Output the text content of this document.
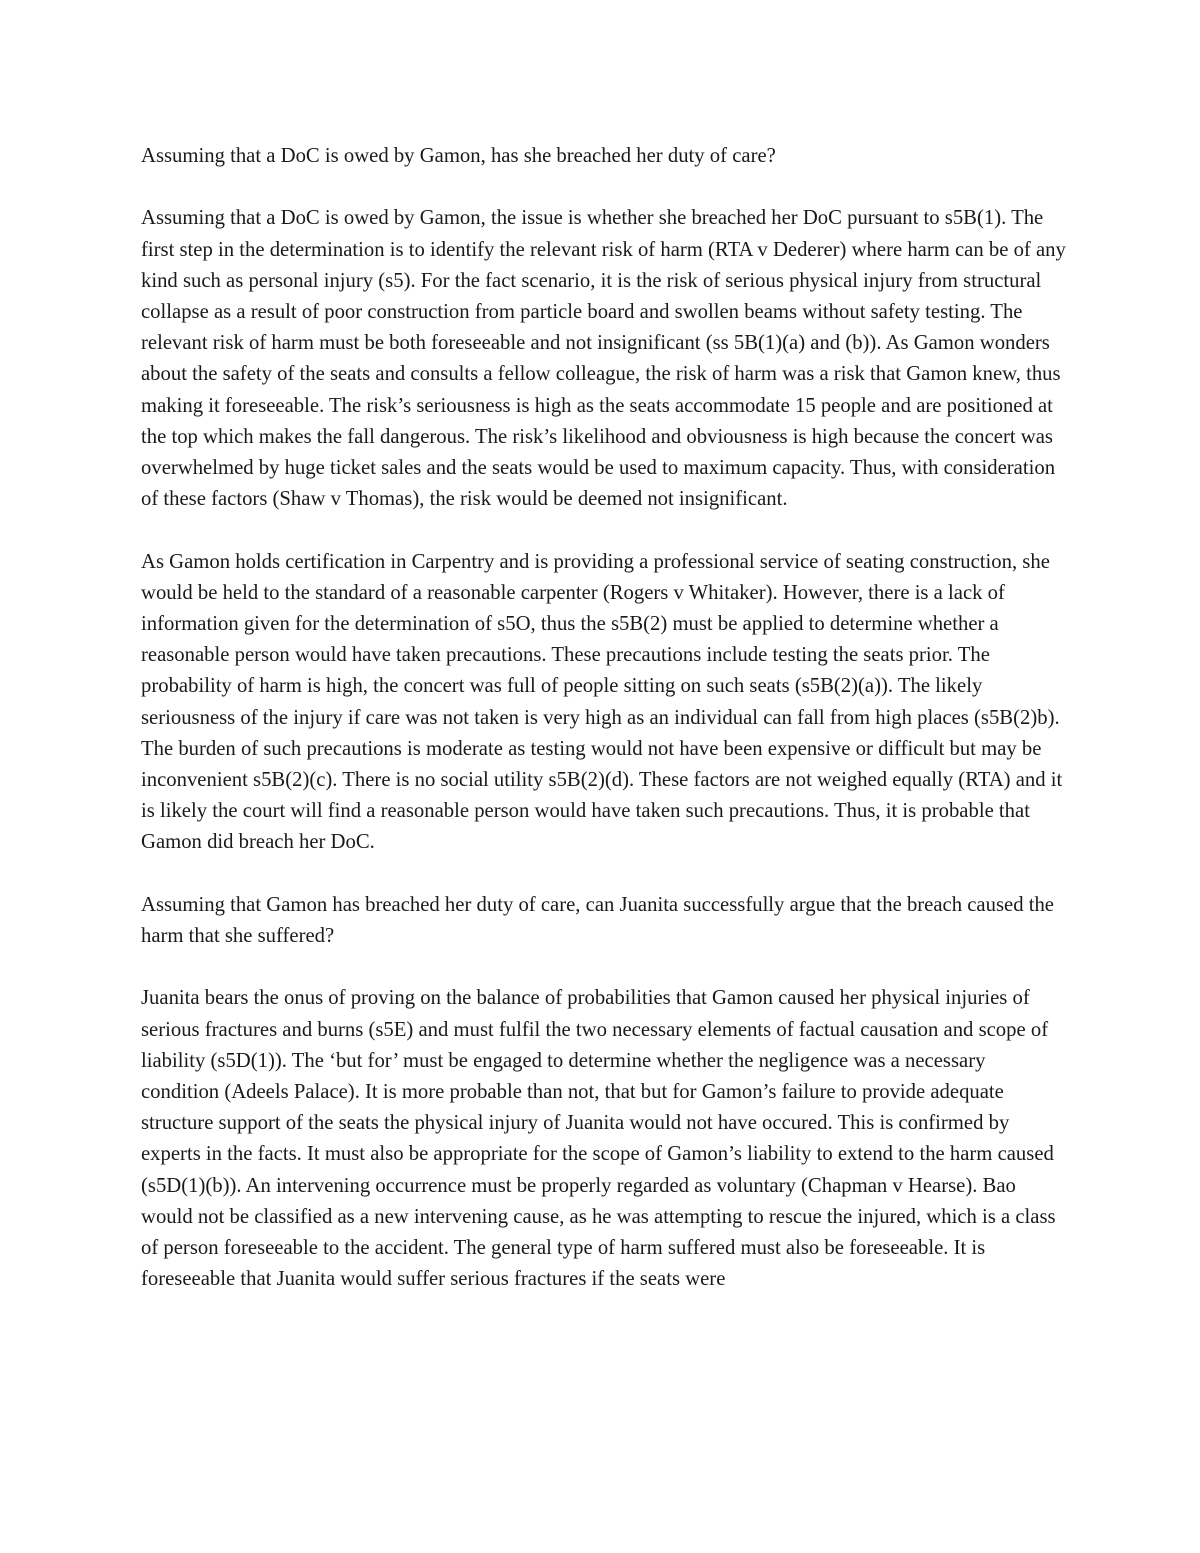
Assuming that a DoC is owed by Gamon, has she breached her duty of care?

Assuming that a DoC is owed by Gamon, the issue is whether she breached her DoC pursuant to s5B(1). The first step in the determination is to identify the relevant risk of harm (RTA v Dederer) where harm can be of any kind such as personal injury (s5). For the fact scenario, it is the risk of serious physical injury from structural collapse as a result of poor construction from particle board and swollen beams without safety testing. The relevant risk of harm must be both foreseeable and not insignificant (ss 5B(1)(a) and (b)). As Gamon wonders about the safety of the seats and consults a fellow colleague, the risk of harm was a risk that Gamon knew, thus making it foreseeable. The risk’s seriousness is high as the seats accommodate 15 people and are positioned at the top which makes the fall dangerous. The risk’s likelihood and obviousness is high because the concert was overwhelmed by huge ticket sales and the seats would be used to maximum capacity. Thus, with consideration of these factors (Shaw v Thomas), the risk would be deemed not insignificant.

As Gamon holds certification in Carpentry and is providing a professional service of seating construction, she would be held to the standard of a reasonable carpenter (Rogers v Whitaker). However, there is a lack of information given for the determination of s5O, thus the s5B(2) must be applied to determine whether a reasonable person would have taken precautions. These precautions include testing the seats prior. The probability of harm is high, the concert was full of people sitting on such seats (s5B(2)(a)). The likely seriousness of the injury if care was not taken is very high as an individual can fall from high places (s5B(2)b). The burden of such precautions is moderate as testing would not have been expensive or difficult but may be inconvenient s5B(2)(c). There is no social utility s5B(2)(d). These factors are not weighed equally (RTA) and it is likely the court will find a reasonable person would have taken such precautions. Thus, it is probable that Gamon did breach her DoC.

Assuming that Gamon has breached her duty of care, can Juanita successfully argue that the breach caused the harm that she suffered?

Juanita bears the onus of proving on the balance of probabilities that Gamon caused her physical injuries of serious fractures and burns (s5E) and must fulfil the two necessary elements of factual causation and scope of liability (s5D(1)). The ‘but for’ must be engaged to determine whether the negligence was a necessary condition (Adeels Palace). It is more probable than not, that but for Gamon’s failure to provide adequate structure support of the seats the physical injury of Juanita would not have occured. This is confirmed by experts in the facts. It must also be appropriate for the scope of Gamon’s liability to extend to the harm caused (s5D(1)(b)). An intervening occurrence must be properly regarded as voluntary (Chapman v Hearse). Bao would not be classified as a new intervening cause, as he was attempting to rescue the injured, which is a class of person foreseeable to the accident. The general type of harm suffered must also be foreseeable. It is foreseeable that Juanita would suffer serious fractures if the seats were
